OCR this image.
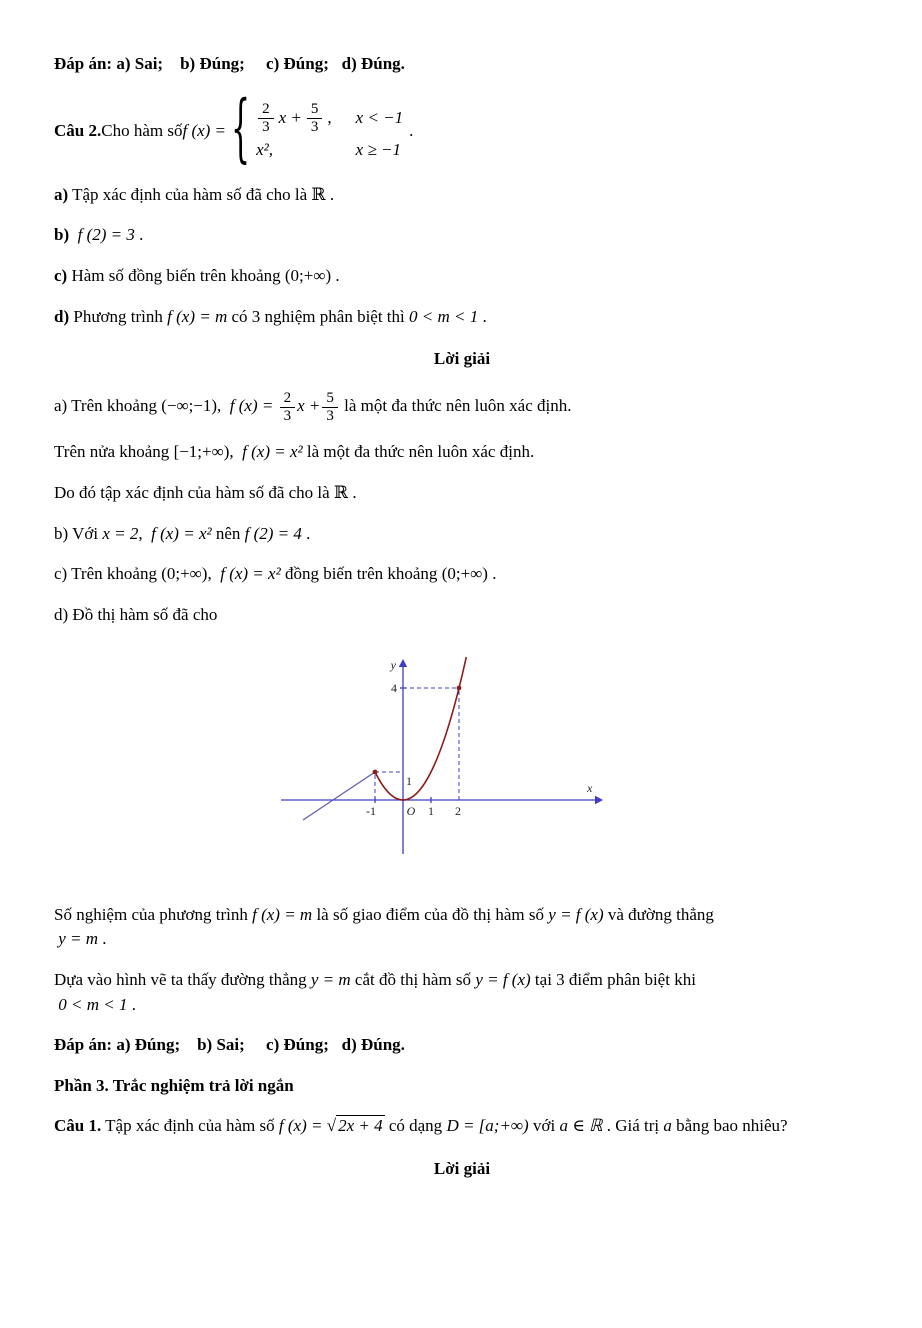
Đáp án: a) Sai;    b) Đúng;     c) Đúng;   d) Đúng.

Câu 2. Cho hàm số f (x) = { $\frac{2}{3}$ $x + \frac{5}{3}$ , x < −1
x²,	x ≥ −1
.

a) Tập xác định của hàm số đã cho là ℝ .

b)  f (2) = 3 .

c) Hàm số đồng biến trên khoảng (0;+∞) .

d) Phương trình f (x) = m có 3 nghiệm phân biệt thì 0 < m < 1 .

Lời giải

a) Trên khoảng (−∞;−1), f $(x) = \frac{2}{3}$ $x + \frac{5}{3}$ là một đa thức nên luôn xác định.

Trên nửa khoảng [−1;+∞), f (x) = x² là một đa thức nên luôn xác định.

Do đó tập xác định của hàm số đã cho là ℝ .

b) Với x = 2, f (x) = x² nên f (2) = 4 .

c) Trên khoảng (0;+∞), f (x) = x² đồng biến trên khoảng (0;+∞) .

d) Đồ thị hàm số đã cho

-1	O 1 2
4
1	x
y

Số nghiệm của phương trình f (x) = m là số giao điểm của đồ thị hàm số y = f (x) và đường thẳng
y = m .

Dựa vào hình vẽ ta thấy đường thẳng y = m cắt đồ thị hàm số y = f (x) tại 3 điểm phân biệt khi
0 < m < 1 .

Đáp án: a) Đúng;    b) Sai;     c) Đúng;   d) Đúng.

Phần 3. Trắc nghiệm trả lời ngắn

Câu 1. Tập xác định của hàm số f (x) = √ 2x + 4 có dạng D = [a;+∞) với a ∈ ℝ . Giá trị a bằng bao nhiêu?

Lời giải
